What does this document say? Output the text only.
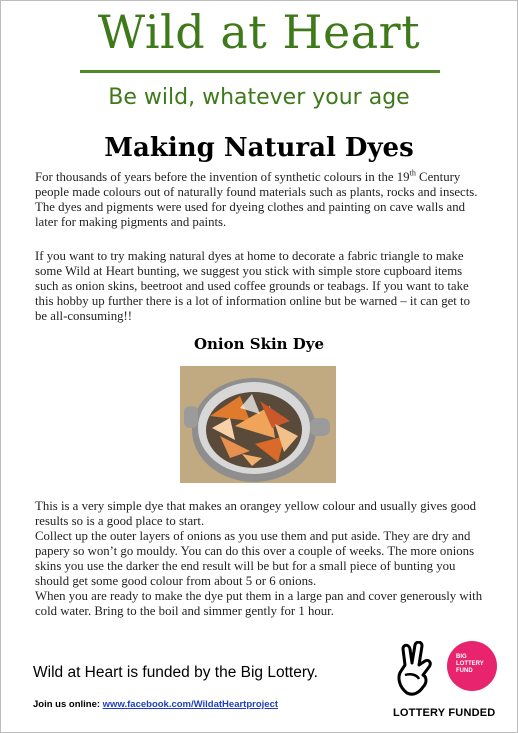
Wild at Heart
Be wild, whatever your age
Making Natural Dyes
For thousands of years before the invention of synthetic colours in the 19th Century people made colours out of naturally found materials such as plants, rocks and insects. The dyes and pigments were used for dyeing clothes and painting on cave walls and later for making pigments and paints.
If you want to try making natural dyes at home to decorate a fabric triangle to make some Wild at Heart bunting, we suggest you stick with simple store cupboard items such as onion skins, beetroot and used coffee grounds or teabags. If you want to take this hobby up further there is a lot of information online but be warned – it can get to be all-consuming!!
Onion Skin Dye
This is a very simple dye that makes an orangey yellow colour and usually gives good results so is a good place to start.
Collect up the outer layers of onions as you use them and put aside. They are dry and papery so won’t go mouldy. You can do this over a couple of weeks. The more onions skins you use the darker the end result will be but for a small piece of bunting you should get some good colour from about 5 or 6 onions.
When you are ready to make the dye put them in a large pan and cover generously with cold water. Bring to the boil and simmer gently for 1 hour.
Wild at Heart is funded by the Big Lottery.
Join us online: www.facebook.com/WildatHeartproject
BIG LOTTERY FUND
LOTTERY FUNDED
